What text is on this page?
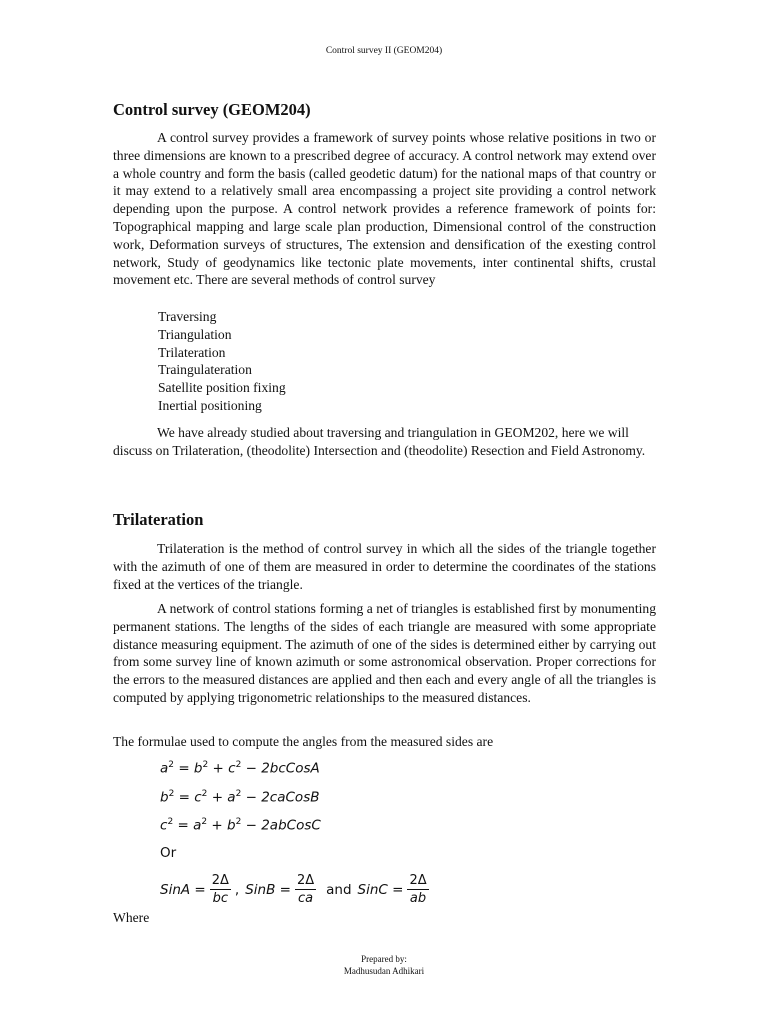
Control survey II (GEOM204)
Control survey (GEOM204)

A control survey provides a framework of survey points whose relative positions in two or three dimensions are known to a prescribed degree of accuracy. A control network may extend over a whole country and form the basis (called geodetic datum) for the national maps of that country or it may extend to a relatively small area encompassing a project site providing a control network depending upon the purpose. A control network provides a reference framework of points for: Topographical mapping and large scale plan production, Dimensional control of the construction work, Deformation surveys of structures, The extension and densification of the exesting control network, Study of geodynamics like tectonic plate movements, inter continental shifts, crustal movement etc. There are several methods of control survey

Traversing
Triangulation
Trilateration
Traingulateration
Satellite position fixing
Inertial positioning

We have already studied about traversing and triangulation in GEOM202, here we will discuss on Trilateration, (theodolite) Intersection and (theodolite) Resection and Field Astronomy.

Trilateration

Trilateration is the method of control survey in which all the sides of the triangle together with the azimuth of one of them are measured in order to determine the coordinates of the stations fixed at the vertices of the triangle.

A network of control stations forming a net of triangles is established first by monumenting permanent stations. The lengths of the sides of each triangle are measured with some appropriate distance measuring equipment. The azimuth of one of the sides is determined either by carrying out from some survey line of known azimuth or some astronomical observation. Proper corrections for the errors to the measured distances are applied and then each and every angle of all the triangles is computed by applying trigonometric relationships to the measured distances.

The formulae used to compute the angles from the measured sides are

$a^2 = b^2 + c^2$ − 2bcCosA
$b^2 = c^2 + a^2$ − 2caCosB
$c^2 = a^2 + b^2$ − 2abCosC
Or
SinA = $\frac{2\Delta}{bc}$ , SinB = $\frac{2\Delta}{ca}$ and SinC = $\frac{2\Delta}{ab}$

Where

Prepared by:
Madhusudan Adhikari
